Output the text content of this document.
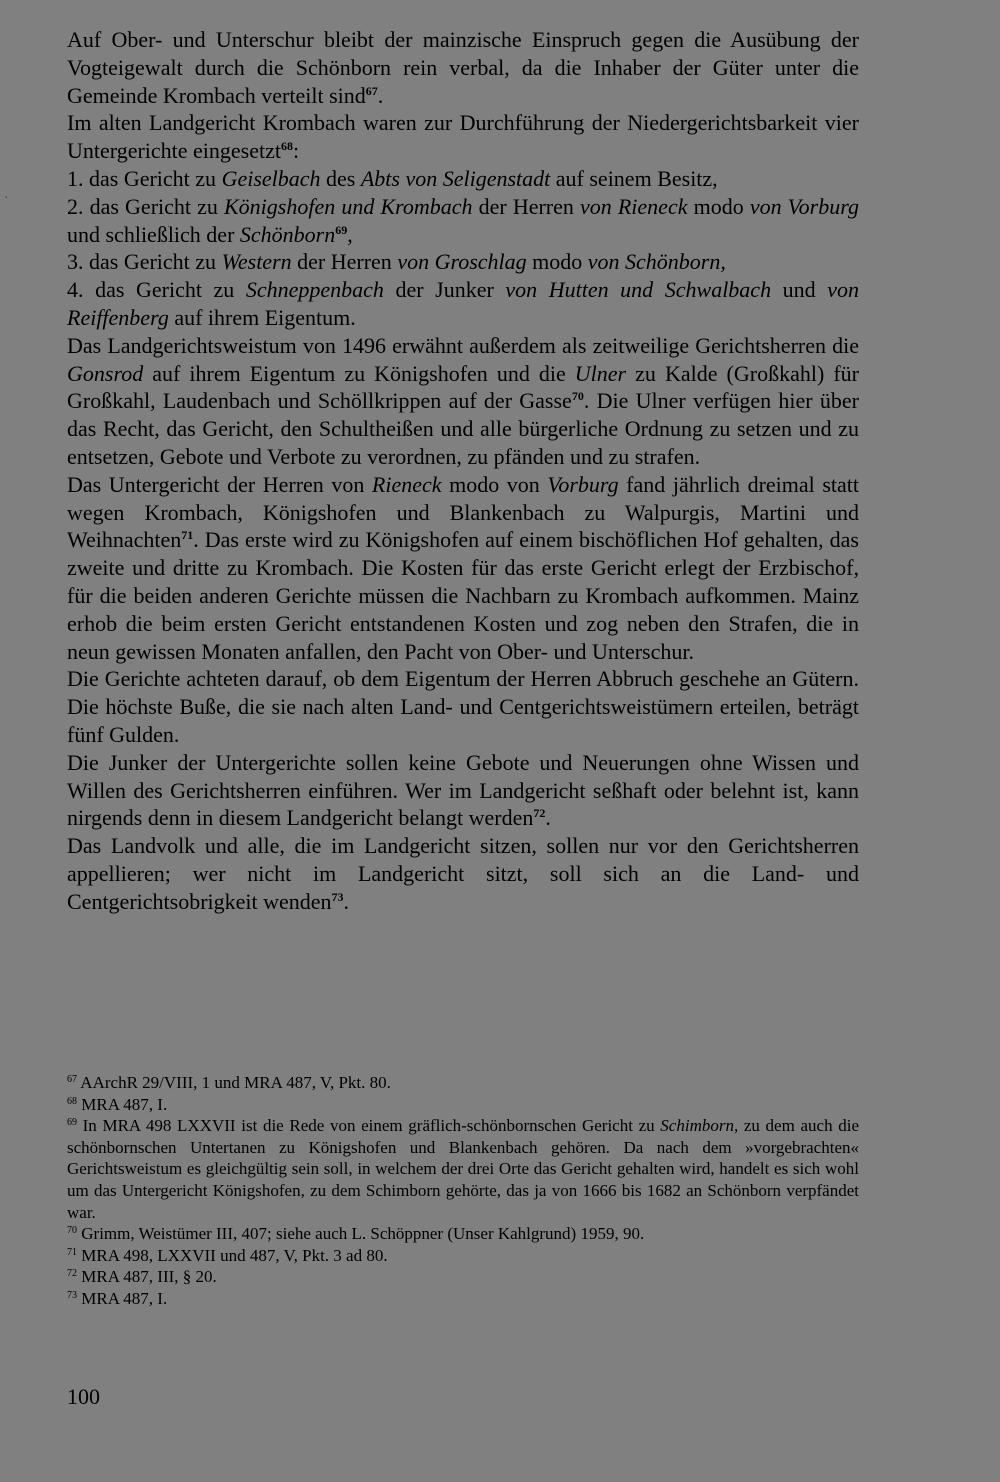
‵

Auf Ober- und Unterschur bleibt der mainzische Einspruch gegen die Ausübung der Vogteigewalt durch die Schönborn rein verbal, da die Inhaber der Güter unter die Gemeinde Krombach verteilt sind$^{67}$.

Im alten Landgericht Krombach waren zur Durchführung der Niedergerichtsbarkeit vier Untergerichte eingesetzt$^{68}$:

1. das Gericht zu Geiselbach des Abts von Seligenstadt auf seinem Besitz,

2. das Gericht zu Königshofen und Krombach der Herren von Rieneck modo von Vorburg und schließlich der Schönborn$^{69}$,

3. das Gericht zu Western der Herren von Groschlag modo von Schönborn,

4. das Gericht zu Schneppenbach der Junker von Hutten und Schwalbach und von Reiffenberg auf ihrem Eigentum.

Das Landgerichtsweistum von 1496 erwähnt außerdem als zeitweilige Gerichtsherren die Gonsrod auf ihrem Eigentum zu Königshofen und die Ulner zu Kalde (Großkahl) für Großkahl, Laudenbach und Schöllkrippen auf der Gasse$^{70}$. Die Ulner verfügen hier über das Recht, das Gericht, den Schultheißen und alle bürgerliche Ordnung zu setzen und zu entsetzen, Gebote und Verbote zu verordnen, zu pfänden und zu strafen.

Das Untergericht der Herren von Rieneck modo von Vorburg fand jährlich dreimal statt wegen Krombach, Königshofen und Blankenbach zu Walpurgis, Martini und Weihnachten$^{71}$. Das erste wird zu Königshofen auf einem bischöflichen Hof gehalten, das zweite und dritte zu Krombach. Die Kosten für das erste Gericht erlegt der Erzbischof, für die beiden anderen Gerichte müssen die Nachbarn zu Krombach aufkommen. Mainz erhob die beim ersten Gericht entstandenen Kosten und zog neben den Strafen, die in neun gewissen Monaten anfallen, den Pacht von Ober- und Unterschur.

Die Gerichte achteten darauf, ob dem Eigentum der Herren Abbruch geschehe an Gütern. Die höchste Buße, die sie nach alten Land- und Centgerichtsweistümern erteilen, beträgt fünf Gulden.

Die Junker der Untergerichte sollen keine Gebote und Neuerungen ohne Wissen und Willen des Gerichtsherren einführen. Wer im Landgericht seßhaft oder belehnt ist, kann nirgends denn in diesem Landgericht belangt werden$^{72}$.

Das Landvolk und alle, die im Landgericht sitzen, sollen nur vor den Gerichtsherren appellieren; wer nicht im Landgericht sitzt, soll sich an die Land- und Centgerichtsobrigkeit wenden$^{73}$.

$^{67}$ AArchR 29/VIII, 1 und MRA 487, V, Pkt. 80.

$^{68}$ MRA 487, I.

$^{69}$ In MRA 498 LXXVII ist die Rede von einem gräflich-schönbornschen Gericht zu Schimborn, zu dem auch die schönbornschen Untertanen zu Königshofen und Blankenbach gehören. Da nach dem »vorgebrachten« Gerichtsweistum es gleichgültig sein soll, in welchem der drei Orte das Gericht gehalten wird, handelt es sich wohl um das Untergericht Königshofen, zu dem Schimborn gehörte, das ja von 1666 bis 1682 an Schönborn verpfändet war.

$^{70}$ Grimm, Weistümer III, 407; siehe auch L. Schöppner (Unser Kahlgrund) 1959, 90.

$^{71}$ MRA 498, LXXVII und 487, V, Pkt. 3 ad 80.

$^{72}$ MRA 487, III, § 20.

$^{73}$ MRA 487, I.

100
